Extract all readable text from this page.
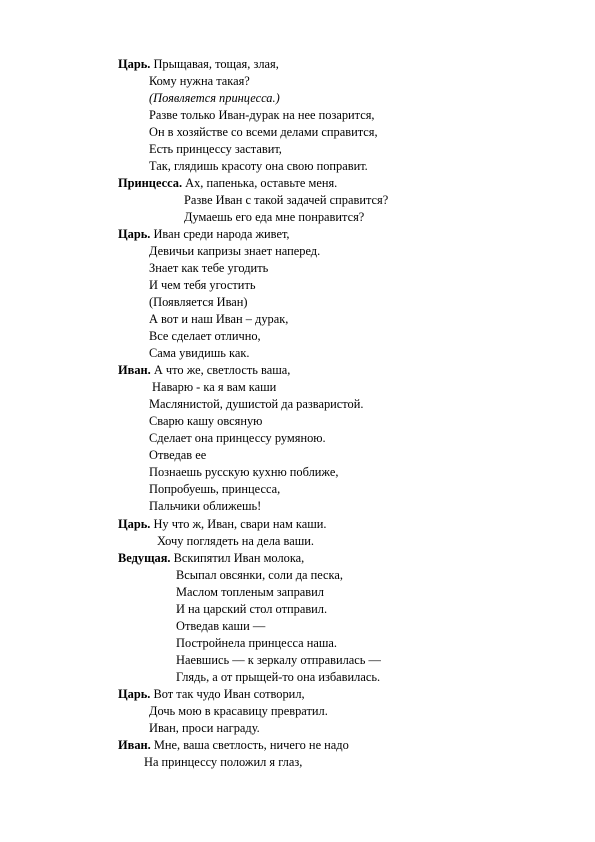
Царь. Прыщавая, тощая, злая,
Кому нужна такая?
(Появляется принцесса.)
Разве только Иван-дурак на нее позарится,
Он в хозяйстве со всеми делами справится,
Есть принцессу заставит,
Так, глядишь красоту она свою поправит.
Принцесса. Ах, папенька, оставьте меня.
Разве Иван с такой задачей справится?
Думаешь его еда мне понравится?
Царь. Иван среди народа живет,
Девичьи капризы знает наперед.
Знает как тебе угодить
И чем тебя угостить
(Появляется Иван)
А вот и наш Иван – дурак,
Все сделает отлично,
Сама увидишь как.
Иван. А что же, светлость ваша,
Наварю - ка я вам каши
Маслянистой, душистой да разваристой.
Сварю кашу овсяную
Сделает она принцессу румяною.
Отведав ее
Познаешь русскую кухню поближе,
Попробуешь, принцесса,
Пальчики оближешь!
Царь. Ну что ж, Иван, свари нам каши.
Хочу поглядеть на дела ваши.
Ведущая. Вскипятил Иван молока,
Всыпал овсянки, соли да песка,
Маслом топленым заправил
И на царский стол отправил.
Отведав каши —
Постройнела принцесса наша.
Наевшись — к зеркалу отправилась —
Глядь, а от прыщей-то она избавилась.
Царь. Вот так чудо Иван сотворил,
Дочь мою в красавицу превратил.
Иван, проси награду.
Иван. Мне, ваша светлость, ничего не надо
На принцессу положил я глаз,
